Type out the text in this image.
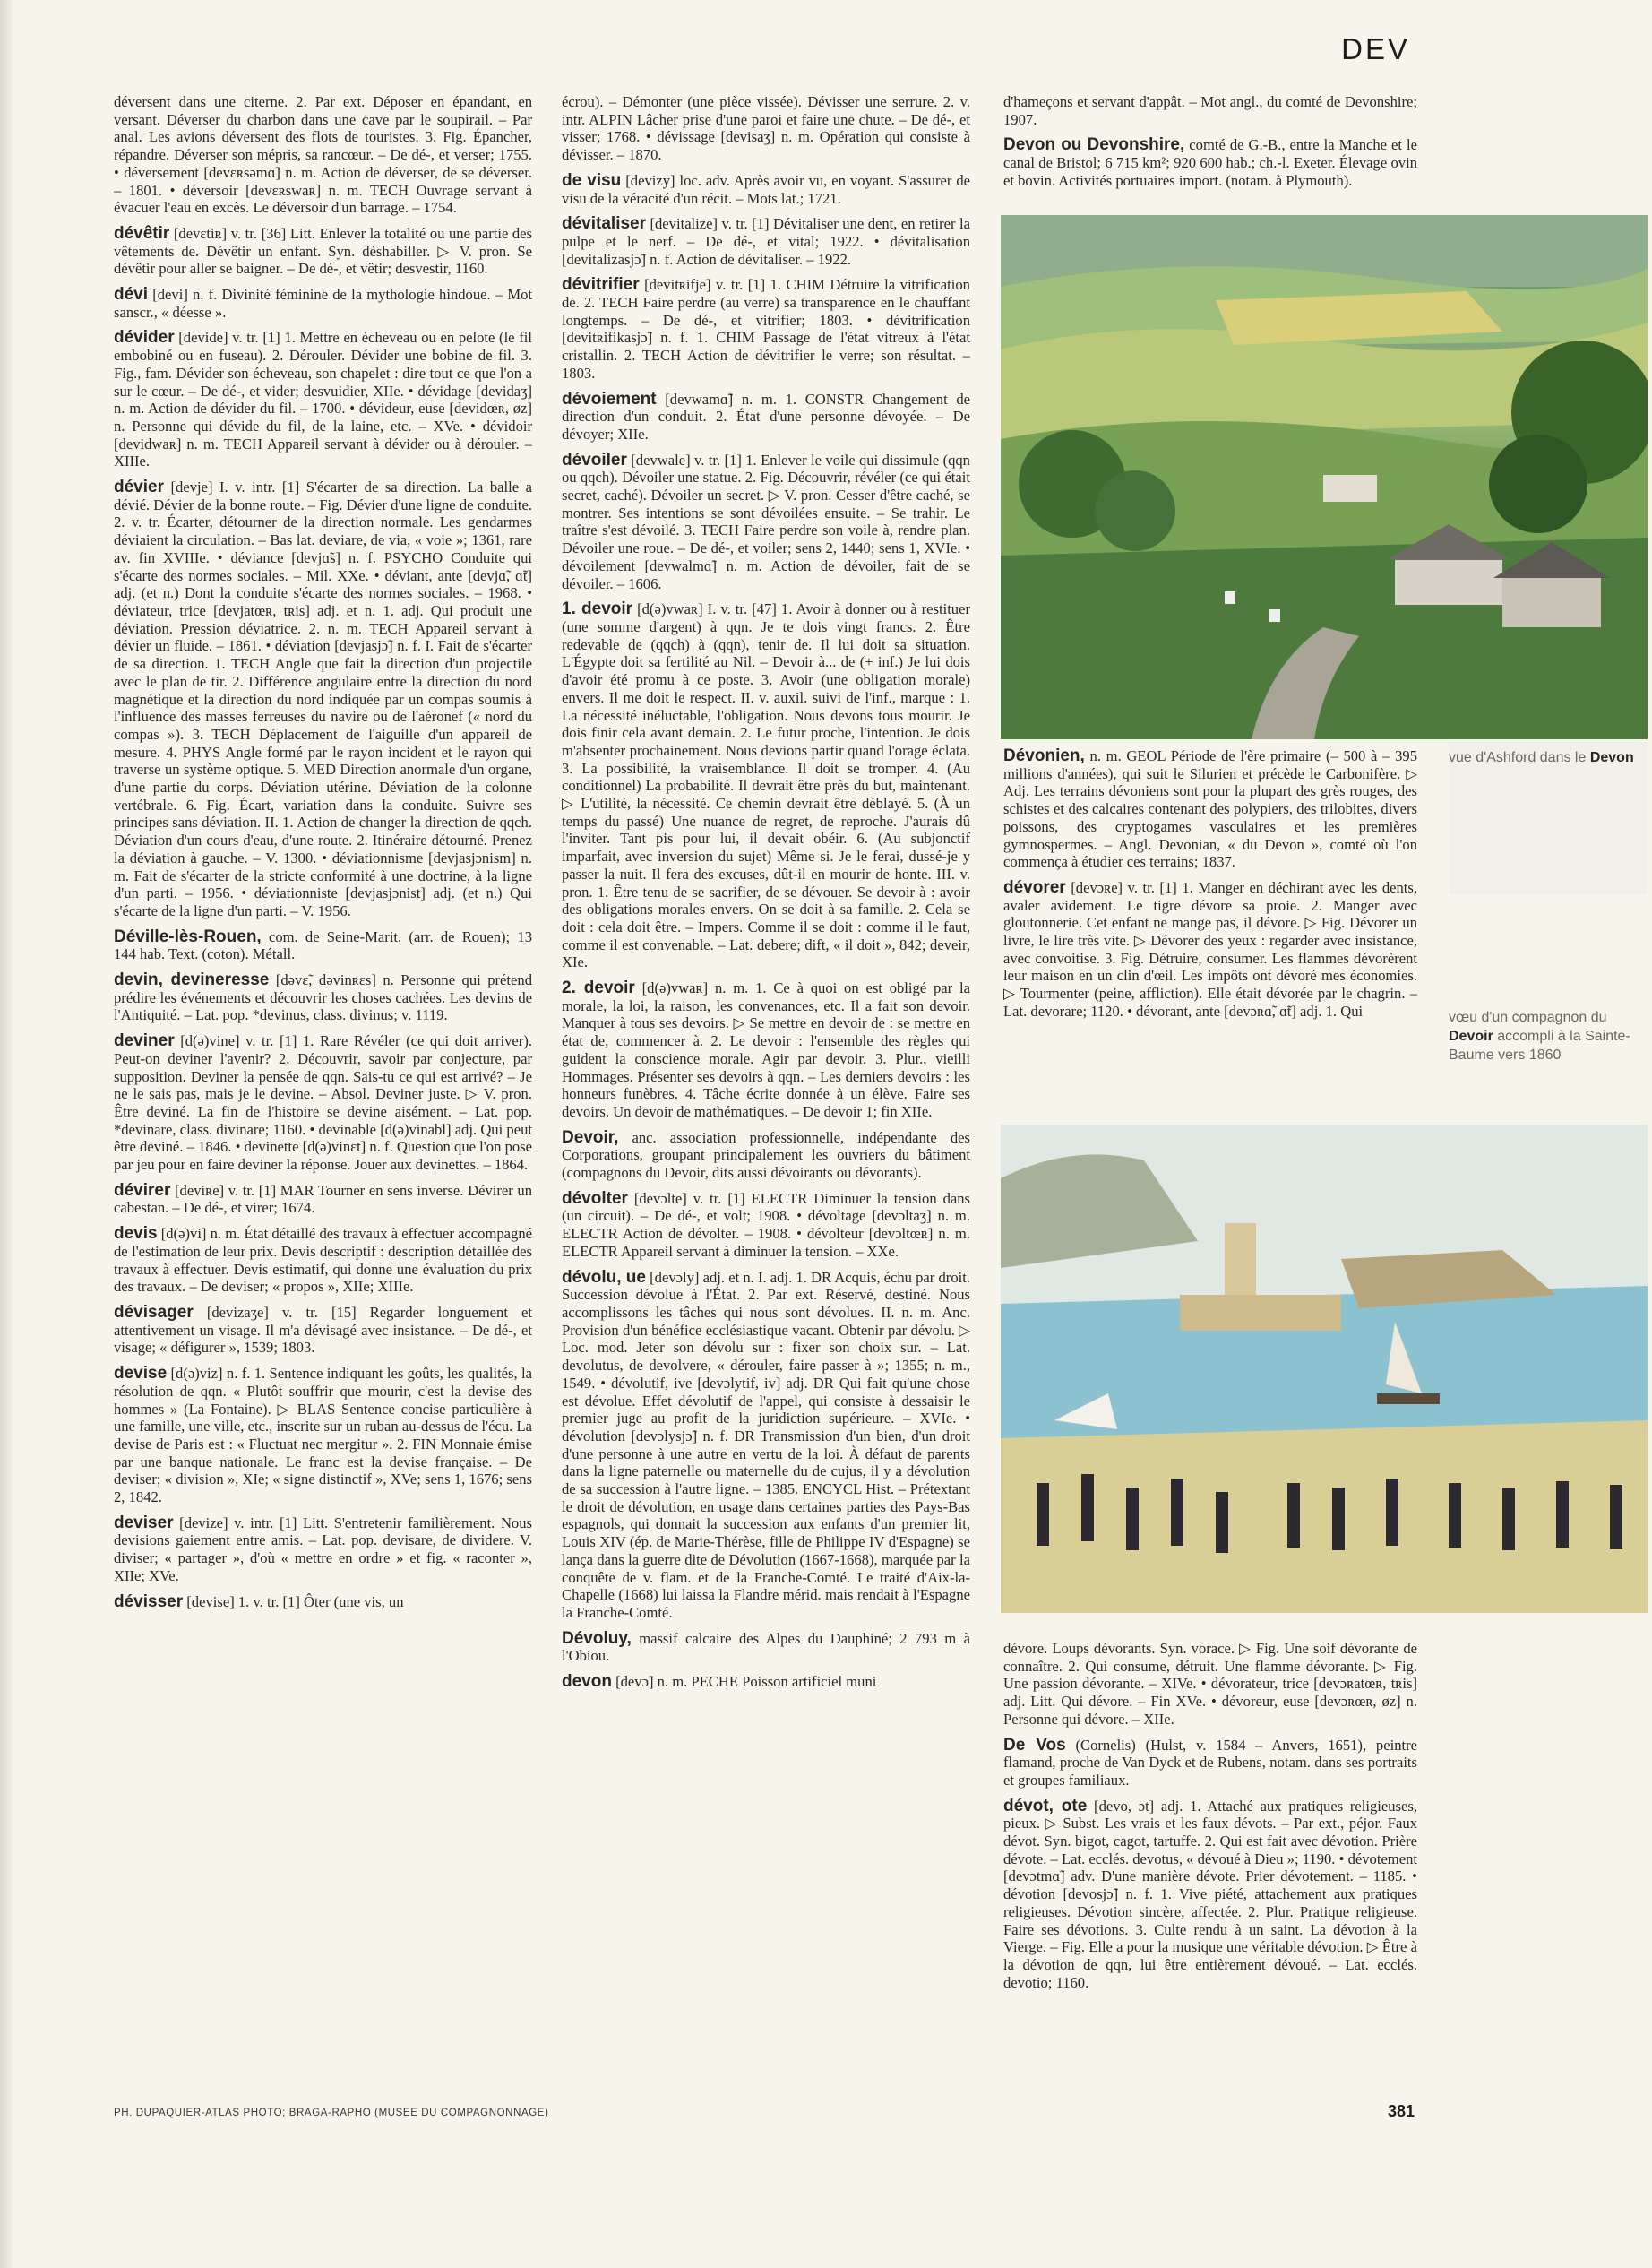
DEV

déversent dans une citerne. 2. Par ext. Déposer en épandant, en versant. Déverser du charbon dans une cave par le soupirail. – Par anal. Les avions déversent des flots de touristes. 3. Fig. Épancher, répandre. Déverser son mépris, sa rancœur. – De dé-, et verser; 1755. • déversement [devɛʀsəmɑ̃] n. m. Action de déverser, de se déverser. – 1801. • déversoir [devɛʀswaʀ] n. m. TECH Ouvrage servant à évacuer l'eau en excès. Le déversoir d'un barrage. – 1754.

dévêtir [devɛtiʀ] v. tr. [36] Litt. Enlever la totalité ou une partie des vêtements de. Dévêtir un enfant. Syn. déshabiller. ▷ V. pron. Se dévêtir pour aller se baigner. – De dé-, et vêtir; desvestir, 1160.

dévi [devi] n. f. Divinité féminine de la mythologie hindoue. – Mot sanscr., « déesse ».

dévider [devide] v. tr. [1] 1. Mettre en écheveau ou en pelote (le fil embobiné ou en fuseau). 2. Dérouler. Dévider une bobine de fil. 3. Fig., fam. Dévider son écheveau, son chapelet : dire tout ce que l'on a sur le cœur. – De dé-, et vider; desvuidier, XIIe. • dévidage [devidaʒ] n. m. Action de dévider du fil. – 1700. • dévideur, euse [devidœʀ, øz] n. Personne qui dévide du fil, de la laine, etc. – XVe. • dévidoir [devidwaʀ] n. m. TECH Appareil servant à dévider ou à dérouler. – XIIIe.

dévier [devje] I. v. intr. [1] S'écarter de sa direction. La balle a dévié. Dévier de la bonne route. – Fig. Dévier d'une ligne de conduite. 2. v. tr. Écarter, détourner de la direction normale. Les gendarmes déviaient la circulation. – Bas lat. deviare, de via, « voie »; 1361, rare av. fin XVIIIe. • déviance [devjɑ̃s] n. f. PSYCHO Conduite qui s'écarte des normes sociales. – Mil. XXe. • déviant, ante [devjɑ̃, ɑ̃t] adj. (et n.) Dont la conduite s'écarte des normes sociales. – 1968. • déviateur, trice [devjatœʀ, tʀis] adj. et n. 1. adj. Qui produit une déviation. Pression déviatrice. 2. n. m. TECH Appareil servant à dévier un fluide. – 1861. • déviation [devjasjɔ̃] n. f. I. Fait de s'écarter de sa direction. 1. TECH Angle que fait la direction d'un projectile avec le plan de tir. 2. Différence angulaire entre la direction du nord magnétique et la direction du nord indiquée par un compas soumis à l'influence des masses ferreuses du navire ou de l'aéronef (« nord du compas »). 3. TECH Déplacement de l'aiguille d'un appareil de mesure. 4. PHYS Angle formé par le rayon incident et le rayon qui traverse un système optique. 5. MED Direction anormale d'un organe, d'une partie du corps. Déviation utérine. Déviation de la colonne vertébrale. 6. Fig. Écart, variation dans la conduite. Suivre ses principes sans déviation. II. 1. Action de changer la direction de qqch. Déviation d'un cours d'eau, d'une route. 2. Itinéraire détourné. Prenez la déviation à gauche. – V. 1300. • déviationnisme [devjasjɔnism] n. m. Fait de s'écarter de la stricte conformité à une doctrine, à la ligne d'un parti. – 1956. • déviationniste [devjasjɔnist] adj. (et n.) Qui s'écarte de la ligne d'un parti. – V. 1956.

Déville-lès-Rouen, com. de Seine-Marit. (arr. de Rouen); 13 144 hab. Text. (coton). Métall.

devin, devineresse [dəvɛ̃, dəvinʀɛs] n. Personne qui prétend prédire les événements et découvrir les choses cachées. Les devins de l'Antiquité. – Lat. pop. *devinus, class. divinus; v. 1119.

deviner [d(ə)vine] v. tr. [1] 1. Rare Révéler (ce qui doit arriver). Peut-on deviner l'avenir? 2. Découvrir, savoir par conjecture, par supposition. Deviner la pensée de qqn. Sais-tu ce qui est arrivé? – Je ne le sais pas, mais je le devine. – Absol. Deviner juste. ▷ V. pron. Être deviné. La fin de l'histoire se devine aisément. – Lat. pop. *devinare, class. divinare; 1160. • devinable [d(ə)vinabl] adj. Qui peut être deviné. – 1846. • devinette [d(ə)vinɛt] n. f. Question que l'on pose par jeu pour en faire deviner la réponse. Jouer aux devinettes. – 1864.

dévirer [deviʀe] v. tr. [1] MAR Tourner en sens inverse. Dévirer un cabestan. – De dé-, et virer; 1674.

devis [d(ə)vi] n. m. État détaillé des travaux à effectuer accompagné de l'estimation de leur prix. Devis descriptif : description détaillée des travaux à effectuer. Devis estimatif, qui donne une évaluation du prix des travaux. – De deviser; « propos », XIIe; XIIIe.

dévisager [devizaʒe] v. tr. [15] Regarder longuement et attentivement un visage. Il m'a dévisagé avec insistance. – De dé-, et visage; « défigurer », 1539; 1803.

devise [d(ə)viz] n. f. 1. Sentence indiquant les goûts, les qualités, la résolution de qqn. « Plutôt souffrir que mourir, c'est la devise des hommes » (La Fontaine). ▷ BLAS Sentence concise particulière à une famille, une ville, etc., inscrite sur un ruban au-dessus de l'écu. La devise de Paris est : « Fluctuat nec mergitur ». 2. FIN Monnaie émise par une banque nationale. Le franc est la devise française. – De deviser; « division », XIe; « signe distinctif », XVe; sens 1, 1676; sens 2, 1842.

deviser [devize] v. intr. [1] Litt. S'entretenir familièrement. Nous devisions gaiement entre amis. – Lat. pop. devisare, de dividere. V. diviser; « partager », d'où « mettre en ordre » et fig. « raconter », XIIe; XVe.

dévisser [devise] 1. v. tr. [1] Ôter (une vis, un

écrou). – Démonter (une pièce vissée). Dévisser une serrure. 2. v. intr. ALPIN Lâcher prise d'une paroi et faire une chute. – De dé-, et visser; 1768. • dévissage [devisaʒ] n. m. Opération qui consiste à dévisser. – 1870.

de visu [devizy] loc. adv. Après avoir vu, en voyant. S'assurer de visu de la véracité d'un récit. – Mots lat.; 1721.

dévitaliser [devitalize] v. tr. [1] Dévitaliser une dent, en retirer la pulpe et le nerf. – De dé-, et vital; 1922. • dévitalisation [devitalizasjɔ̃] n. f. Action de dévitaliser. – 1922.

dévitrifier [devitʀifje] v. tr. [1] 1. CHIM Détruire la vitrification de. 2. TECH Faire perdre (au verre) sa transparence en le chauffant longtemps. – De dé-, et vitrifier; 1803. • dévitrification [devitʀifikasjɔ̃] n. f. 1. CHIM Passage de l'état vitreux à l'état cristallin. 2. TECH Action de dévitrifier le verre; son résultat. – 1803.

dévoiement [devwamɑ̃] n. m. 1. CONSTR Changement de direction d'un conduit. 2. État d'une personne dévoyée. – De dévoyer; XIIe.

dévoiler [devwale] v. tr. [1] 1. Enlever le voile qui dissimule (qqn ou qqch). Dévoiler une statue. 2. Fig. Découvrir, révéler (ce qui était secret, caché). Dévoiler un secret. ▷ V. pron. Cesser d'être caché, se montrer. Ses intentions se sont dévoilées ensuite. – Se trahir. Le traître s'est dévoilé. 3. TECH Faire perdre son voile à, rendre plan. Dévoiler une roue. – De dé-, et voiler; sens 2, 1440; sens 1, XVIe. • dévoilement [devwalmɑ̃] n. m. Action de dévoiler, fait de se dévoiler. – 1606.

1. devoir [d(ə)vwaʀ] I. v. tr. [47] 1. Avoir à donner ou à restituer (une somme d'argent) à qqn. Je te dois vingt francs. 2. Être redevable de (qqch) à (qqn), tenir de. Il lui doit sa situation. L'Égypte doit sa fertilité au Nil. – Devoir à... de (+ inf.) Je lui dois d'avoir été promu à ce poste. 3. Avoir (une obligation morale) envers. Il me doit le respect. II. v. auxil. suivi de l'inf., marque : 1. La nécessité inéluctable, l'obligation. Nous devons tous mourir. Je dois finir cela avant demain. 2. Le futur proche, l'intention. Je dois m'absenter prochainement. Nous devions partir quand l'orage éclata. 3. La possibilité, la vraisemblance. Il doit se tromper. 4. (Au conditionnel) La probabilité. Il devrait être près du but, maintenant. ▷ L'utilité, la nécessité. Ce chemin devrait être déblayé. 5. (À un temps du passé) Une nuance de regret, de reproche. J'aurais dû l'inviter. Tant pis pour lui, il devait obéir. 6. (Au subjonctif imparfait, avec inversion du sujet) Même si. Je le ferai, dussé-je y passer la nuit. Il fera des excuses, dût-il en mourir de honte. III. v. pron. 1. Être tenu de se sacrifier, de se dévouer. Se devoir à : avoir des obligations morales envers. On se doit à sa famille. 2. Cela se doit : cela doit être. – Impers. Comme il se doit : comme il le faut, comme il est convenable. – Lat. debere; dift, « il doit », 842; deveir, XIe.

2. devoir [d(ə)vwaʀ] n. m. 1. Ce à quoi on est obligé par la morale, la loi, la raison, les convenances, etc. Il a fait son devoir. Manquer à tous ses devoirs. ▷ Se mettre en devoir de : se mettre en état de, commencer à. 2. Le devoir : l'ensemble des règles qui guident la conscience morale. Agir par devoir. 3. Plur., vieilli Hommages. Présenter ses devoirs à qqn. – Les derniers devoirs : les honneurs funèbres. 4. Tâche écrite donnée à un élève. Faire ses devoirs. Un devoir de mathématiques. – De devoir 1; fin XIIe.

Devoir, anc. association professionnelle, indépendante des Corporations, groupant principalement les ouvriers du bâtiment (compagnons du Devoir, dits aussi dévoirants ou dévorants).

dévolter [devɔlte] v. tr. [1] ELECTR Diminuer la tension dans (un circuit). – De dé-, et volt; 1908. • dévoltage [devɔltaʒ] n. m. ELECTR Action de dévolter. – 1908. • dévolteur [devɔltœʀ] n. m. ELECTR Appareil servant à diminuer la tension. – XXe.

dévolu, ue [devɔly] adj. et n. I. adj. 1. DR Acquis, échu par droit. Succession dévolue à l'État. 2. Par ext. Réservé, destiné. Nous accomplissons les tâches qui nous sont dévolues. II. n. m. Anc. Provision d'un bénéfice ecclésiastique vacant. Obtenir par dévolu. ▷ Loc. mod. Jeter son dévolu sur : fixer son choix sur. – Lat. devolutus, de devolvere, « dérouler, faire passer à »; 1355; n. m., 1549. • dévolutif, ive [devɔlytif, iv] adj. DR Qui fait qu'une chose est dévolue. Effet dévolutif de l'appel, qui consiste à dessaisir le premier juge au profit de la juridiction supérieure. – XVIe. • dévolution [devɔlysjɔ̃] n. f. DR Transmission d'un bien, d'un droit d'une personne à une autre en vertu de la loi. À défaut de parents dans la ligne paternelle ou maternelle du de cujus, il y a dévolution de sa succession à l'autre ligne. – 1385. ENCYCL Hist. – Prétextant le droit de dévolution, en usage dans certaines parties des Pays-Bas espagnols, qui donnait la succession aux enfants d'un premier lit, Louis XIV (ép. de Marie-Thérèse, fille de Philippe IV d'Espagne) se lança dans la guerre dite de Dévolution (1667-1668), marquée par la conquête de v. flam. et de la Franche-Comté. Le traité d'Aix-la-Chapelle (1668) lui laissa la Flandre mérid. mais rendait à l'Espagne la Franche-Comté.

Dévoluy, massif calcaire des Alpes du Dauphiné; 2 793 m à l'Obiou.

devon [devɔ̃] n. m. PECHE Poisson artificiel muni

d'hameçons et servant d'appât. – Mot angl., du comté de Devonshire; 1907.

Devon ou Devonshire, comté de G.-B., entre la Manche et le canal de Bristol; 6 715 km²; 920 600 hab.; ch.-l. Exeter. Élevage ovin et bovin. Activités portuaires import. (notam. à Plymouth).

vue d'Ashford dans le Devon

Dévonien, n. m. GEOL Période de l'ère primaire (– 500 à – 395 millions d'années), qui suit le Silurien et précède le Carbonifère. ▷ Adj. Les terrains dévoniens sont pour la plupart des grès rouges, des schistes et des calcaires contenant des polypiers, des trilobites, divers poissons, des cryptogames vasculaires et les premières gymnospermes. – Angl. Devonian, « du Devon », comté où l'on commença à étudier ces terrains; 1837.

dévorer [devɔʀe] v. tr. [1] 1. Manger en déchirant avec les dents, avaler avidement. Le tigre dévore sa proie. 2. Manger avec gloutonnerie. Cet enfant ne mange pas, il dévore. ▷ Fig. Dévorer un livre, le lire très vite. ▷ Dévorer des yeux : regarder avec insistance, avec convoitise. 3. Fig. Détruire, consumer. Les flammes dévorèrent leur maison en un clin d'œil. Les impôts ont dévoré mes économies. ▷ Tourmenter (peine, affliction). Elle était dévorée par le chagrin. – Lat. devorare; 1120. • dévorant, ante [devɔʀɑ̃, ɑ̃t] adj. 1. Qui	vœu d'un compagnon du Devoir accompli à la Sainte-Baume vers 1860

dévore. Loups dévorants. Syn. vorace. ▷ Fig. Une soif dévorante de connaître. 2. Qui consume, détruit. Une flamme dévorante. ▷ Fig. Une passion dévorante. – XIVe. • dévorateur, trice [devɔʀatœʀ, tʀis] adj. Litt. Qui dévore. – Fin XVe. • dévoreur, euse [devɔʀœʀ, øz] n. Personne qui dévore. – XIIe.

De Vos (Cornelis) (Hulst, v. 1584 – Anvers, 1651), peintre flamand, proche de Van Dyck et de Rubens, notam. dans ses portraits et groupes familiaux.

dévot, ote [devo, ɔt] adj. 1. Attaché aux pratiques religieuses, pieux. ▷ Subst. Les vrais et les faux dévots. – Par ext., péjor. Faux dévot. Syn. bigot, cagot, tartuffe. 2. Qui est fait avec dévotion. Prière dévote. – Lat. ecclés. devotus, « dévoué à Dieu »; 1190. • dévotement [devɔtmɑ̃] adv. D'une manière dévote. Prier dévotement. – 1185. • dévotion [devosjɔ̃] n. f. 1. Vive piété, attachement aux pratiques religieuses. Dévotion sincère, affectée. 2. Plur. Pratique religieuse. Faire ses dévotions. 3. Culte rendu à un saint. La dévotion à la Vierge. – Fig. Elle a pour la musique une véritable dévotion. ▷ Être à la dévotion de qqn, lui être entièrement dévoué. – Lat. ecclés. devotio; 1160.

PH. DUPAQUIER-ATLAS PHOTO; BRAGA-RAPHO (MUSEE DU COMPAGNONNAGE)	381
